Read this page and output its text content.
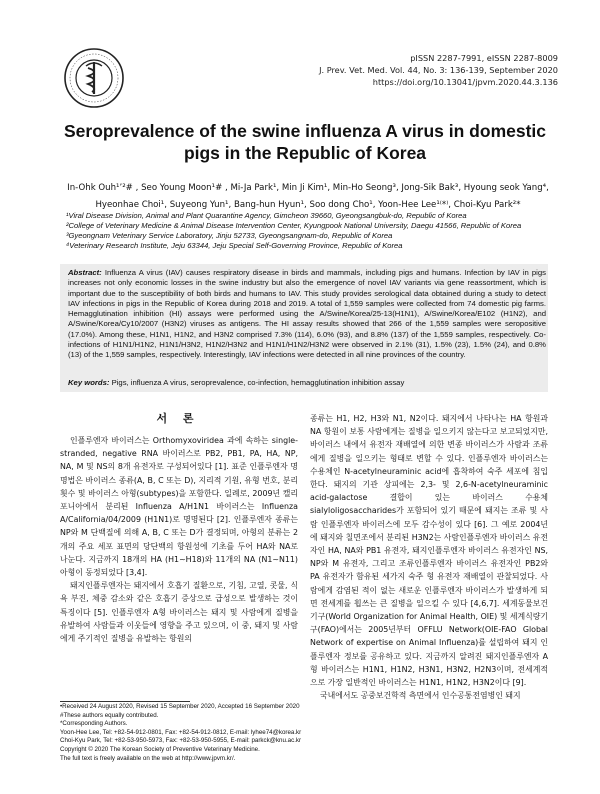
pISSN 2287-7991, eISSN 2287-8009
J. Prev. Vet. Med. Vol. 44, No. 3: 136-139, September 2020
https://doi.org/10.13041/jpvm.2020.44.3.136
Seroprevalence of the swine influenza A virus in domestic pigs in the Republic of Korea
In-Ohk Ouh¹ʼ²# , Seo Young Moon¹# , Mi-Ja Park¹, Min Ji Kim¹, Min-Ho Seong³, Jong-Sik Bak³, Hyoung seok Yang⁴,
Hyeonhae Choi¹, Suyeong Yun¹, Bang-hun Hyun¹, Soo dong Cho¹, Yoon-Hee Lee¹⁽*⁾, Choi-Kyu Park²*
¹Viral Disease Division, Animal and Plant Quarantine Agency, Gimcheon 39660, Gyeongsangbuk-do, Republic of Korea
²College of Veterinary Medicine & Animal Disease Intervention Center, Kyungpook National University, Daegu 41566, Republic of Korea
³Gyeongnam Veterinary Service Laboratory, Jinju 52733, Gyeongsangnam-do, Republic of Korea
⁴Veterinary Research Institute, Jeju 63344, Jeju Special Self-Governing Province, Republic of Korea
Abstract: Influenza A virus (IAV) causes respiratory disease in birds and mammals, including pigs and humans. Infection by IAV in pigs increases not only economic losses in the swine industry but also the emergence of novel IAV variants via gene reassortment, which is important due to the susceptibility of both birds and humans to IAV. This study provides serological data obtained during a study to detect IAV infections in pigs in the Republic of Korea during 2018 and 2019. A total of 1,559 samples were collected from 74 domestic pig farms. Hemagglutination inhibition (HI) assays were performed using the A/Swine/Korea/25-13(H1N1), A/Swine/Korea/E102 (H1N2), and A/Swine/Korea/Cy10/2007 (H3N2) viruses as antigens. The HI assay results showed that 266 of the 1,559 samples were seropositive (17.0%). Among these, H1N1, H1N2, and H3N2 comprised 7.3% (114), 6.0% (93), and 8.8% (137) of the 1,559 samples, respectively. Co-infections of H1N1/H1N2, H1N1/H3N2, H1N2/H3N2 and H1N1/H1N2/H3N2 were observed in 2.1% (31), 1.5% (23), 1.5% (24), and 0.8% (13) of the 1,559 samples, respectively. Interestingly, IAV infections were detected in all nine provinces of the country.
Key words: Pigs, influenza A virus, seroprevalence, co-infection, hemagglutination inhibition assay
서 론

인플루엔자 바이러스는 Orthomyxoviridea 과에 속하는 single-stranded, negative RNA 바이러스로 PB2, PB1, PA, HA, NP, NA, M 및 NS의 8개 유전자로 구성되어있다 [1]. 표준 인플루엔자 명명법은 바이러스 종류(A, B, C 또는 D), 지리적 기원, 유형 번호, 분리 횟수 및 바이러스 아형(subtypes)을 포함한다. 일례로, 2009년 캘리포니아에서 분리된 Influenza A/H1N1 바이러스는 Influenza A/California/04/2009 (H1N1)로 명명된다 [2]. 인플루엔자 종류는 NP와 M 단백질에 의해 A, B, C 또는 D가 결정되며, 아형의 분류는 2개의 주요 세포 표면의 당단백의 항원성에 기초를 두어 HA와 NA로 나눈다. 지금까지 18개의 HA (H1~H18)와 11개의 NA (N1~N11) 아형이 동정되었다 [3,4].

돼지인플루엔자는 돼지에서 호흡기 질환으로, 기침, 고열, 콧물, 식욕 부진, 체중 감소와 같은 호흡기 증상으로 급성으로 발생하는 것이 특징이다 [5]. 인플루엔자 A형 바이러스는 돼지 및 사람에게 질병을 유발하여 사람들과 이웃들에 영향을 주고 있으며, 이 중, 돼지 및 사람에게 주기적인 질병을 유발하는 항원의

종류는 H1, H2, H3와 N1, N2이다. 돼지에서 나타나는 HA 항원과 NA 항원이 보통 사람에게는 질병을 일으키지 않는다고 보고되었지만, 바이러스 내에서 유전자 재배열에 의한 변종 바이러스가 사람과 조류에게 질병을 일으키는 형태로 변할 수 있다. 인플루엔자 바이러스는 수용체인 N-acetylneuraminic acid에 흡착하여 숙주 세포에 침입한다. 돼지의 기관 상피에는 2,3- 및 2,6-N-acetylneuraminic acid-galactose 결합이 있는 바이러스 수용체 sialyloligosaccharides가 포함되어 있기 때문에 돼지는 조류 및 사람 인플루엔자 바이러스에 모두 감수성이 있다 [6]. 그 예로 2004년에 돼지와 칠면조에서 분리된 H3N2는 사람인플루엔자 바이러스 유전자인 HA, NA와 PB1 유전자, 돼지인플루엔자 바이러스 유전자인 NS, NP와 M 유전자, 그리고 조류인플루엔자 바이러스 유전자인 PB2와 PA 유전자가 함유된 세가지 숙주 형 유전자 재배열이 관찰되었다. 사람에게 감염된 적이 없는 새로운 인플루엔자 바이러스가 발생하게 되면 전세계를 휩쓰는 큰 질병을 일으킬 수 있다 [4,6,7]. 세계동물보건기구(World Organization for Animal Health, OIE) 및 세계식량기구(FAO)에서는 2005년부터 OFFLU Network(OIE-FAO Global Network of expertise on Animal Influenza)를 설립하여 돼지 인플루엔자 정보를 공유하고 있다. 지금까지 알려진 돼지인플루엔자 A형 바이러스는 H1N1, H1N2, H3N1, H3N2, H2N3이며, 전세계적으로 가장 일반적인 바이러스는 H1N1, H1N2, H3N2이다 [9].

국내에서도 공중보건학적 측면에서 인수공통전염병인 돼지

•Received 24 August 2020, Revised 15 September 2020, Accepted 16 September 2020
#These authors equally contributed.
*Corresponding Authors.
Yoon-Hee Lee, Tel: +82-54-912-0801, Fax: +82-54-912-0812, E-mail: lyhee74@korea.kr
Choi-Kyu Park, Tel: +82-53-950-5973, Fax: +82-53-950-5955, E-mail: parkck@knu.ac.kr
Copyright © 2020 The Korean Society of Preventive Veterinary Medicine.
The full text is freely available on the web at http://www.jpvm.kr/.
